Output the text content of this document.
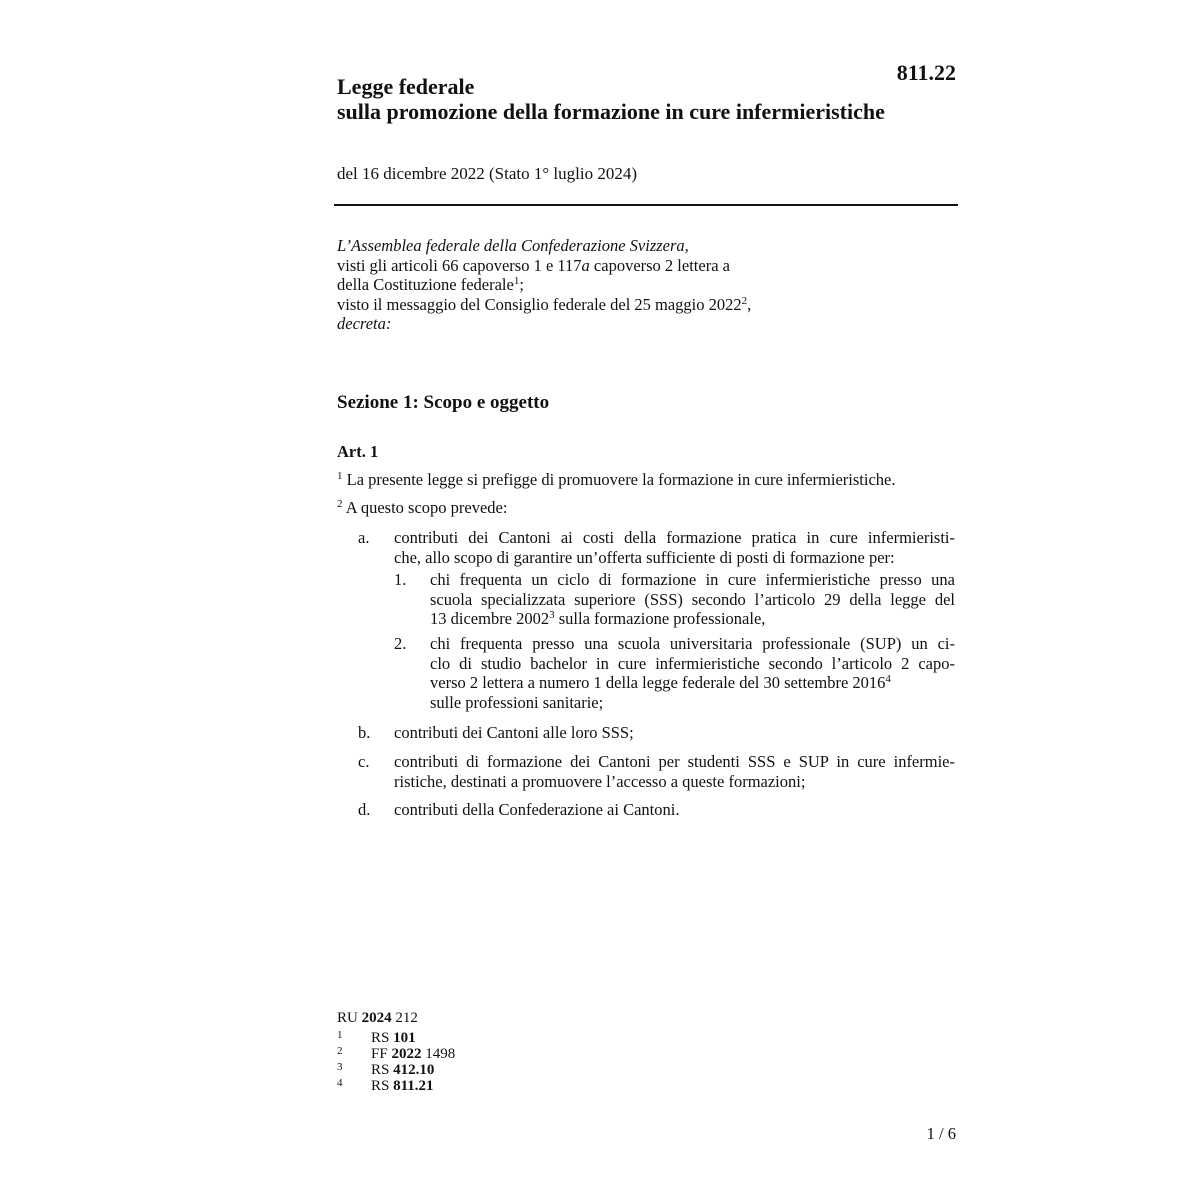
811.22
Legge federale
sulla promozione della formazione in cure infermieristiche
del 16 dicembre 2022 (Stato 1° luglio 2024)
L’Assemblea federale della Confederazione Svizzera,
visti gli articoli 66 capoverso 1 e 117a capoverso 2 lettera a
della Costituzione federale$^1$;
visto il messaggio del Consiglio federale del 25 maggio 2022$^2$,
decreta:
Sezione 1: Scopo e oggetto
Art. 1
$^1$ La presente legge si prefigge di promuovere la formazione in cure infermieristiche.
$^2$ A questo scopo prevede:
a. contributi dei Cantoni ai costi della formazione pratica in cure infermieristi-
che, allo scopo di garantire un’offerta sufficiente di posti di formazione per:
1. chi frequenta un ciclo di formazione in cure infermieristiche presso una
scuola specializzata superiore (SSS) secondo l’articolo 29 della legge del
13 dicembre 2002$^3$ sulla formazione professionale,
2. chi frequenta presso una scuola universitaria professionale (SUP) un ci-
clo di studio bachelor in cure infermieristiche secondo l’articolo 2 capo-
verso 2 lettera a numero 1 della legge federale del 30 settembre 2016$^4$
sulle professioni sanitarie;
b. contributi dei Cantoni alle loro SSS;
c. contributi di formazione dei Cantoni per studenti SSS e SUP in cure infermie-
ristiche, destinati a promuovere l’accesso a queste formazioni;
d. contributi della Confederazione ai Cantoni.
RU 2024 212
1 RS 101
2 FF 2022 1498
3 RS 412.10
4 RS 811.21
1 / 6
